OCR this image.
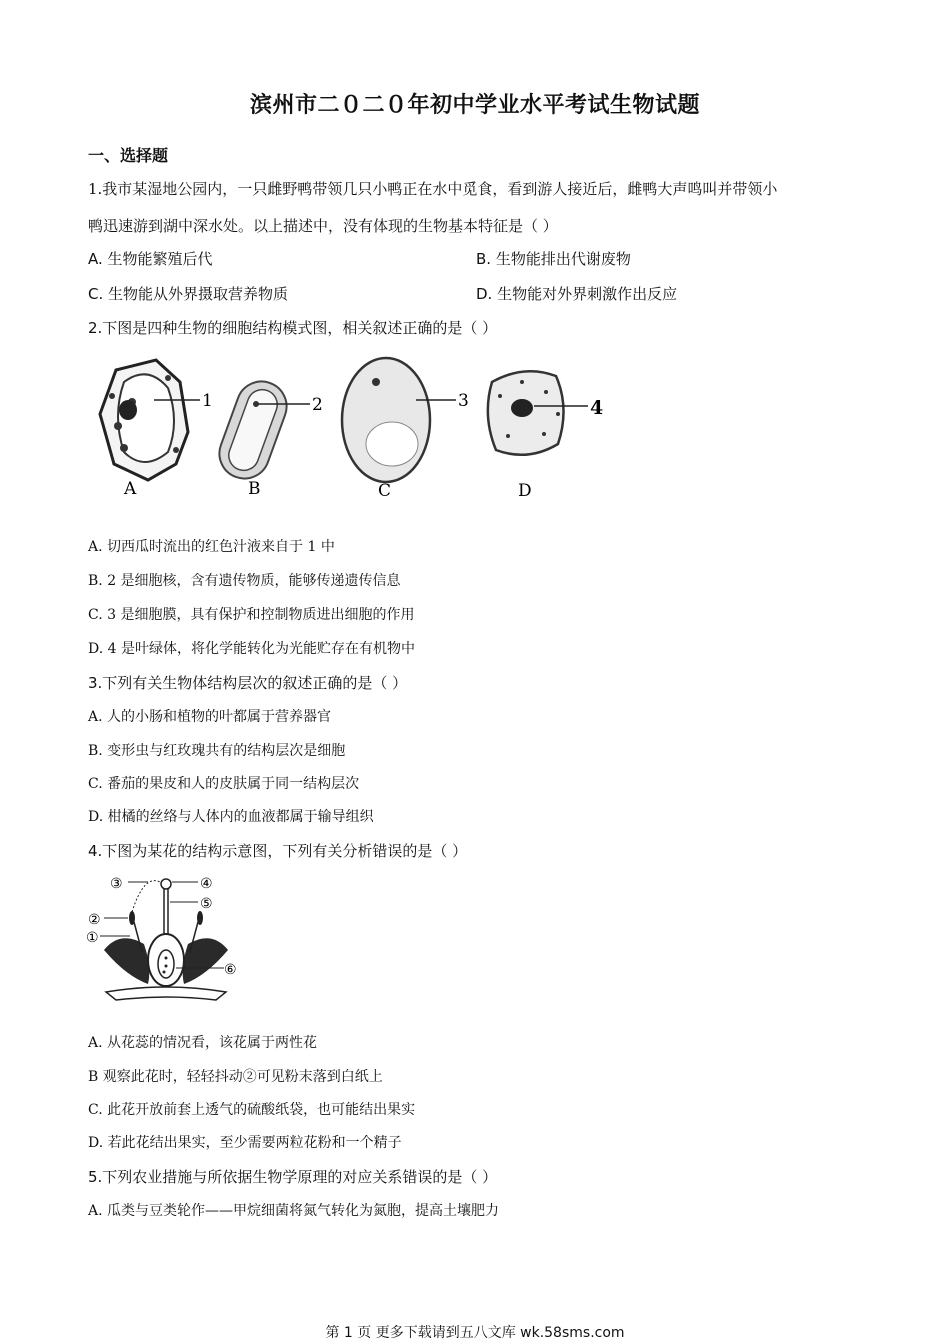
滨州市二０二０年初中学业水平考试生物试题
一、选择题
1.我市某湿地公园内，一只雌野鸭带领几只小鸭正在水中觅食，看到游人接近后，雌鸭大声鸣叫并带领小
鸭迅速游到湖中深水处。以上描述中，没有体现的生物基本特征是（ ）
A. 生物能繁殖后代	B. 生物能排出代谢废物
C. 生物能从外界摄取营养物质	D. 生物能对外界刺激作出反应
2.下图是四种生物的细胞结构模式图，相关叙述正确的是（ ）
1	2	3	4
A	B	C	D
A. 切西瓜时流出的红色汁液来自于 1 中
B. 2 是细胞核，含有遗传物质，能够传递遗传信息
C. 3 是细胞膜，具有保护和控制物质进出细胞的作用
D. 4 是叶绿体，将化学能转化为光能贮存在有机物中
3.下列有关生物体结构层次的叙述正确的是（ ）
A. 人的小肠和植物的叶都属于营养器官
B. 变形虫与红玫瑰共有的结构层次是细胞
C. 番茄的果皮和人的皮肤属于同一结构层次
D. 柑橘的丝络与人体内的血液都属于输导组织
4.下图为某花的结构示意图，下列有关分析错误的是（ ）
③	④
②
⑤
①
⑥
A. 从花蕊的情况看，该花属于两性花
B 观察此花时，轻轻抖动②可见粉末落到白纸上
C. 此花开放前套上透气的硫酸纸袋，也可能结出果实
D. 若此花结出果实，至少需要两粒花粉和一个精子
5.下列农业措施与所依据生物学原理的对应关系错误的是（ ）
A. 瓜类与豆类轮作——甲烷细菌将氮气转化为氮胞，提高土壤肥力
第 1 页 更多下载请到五八文库 wk.58sms.com
